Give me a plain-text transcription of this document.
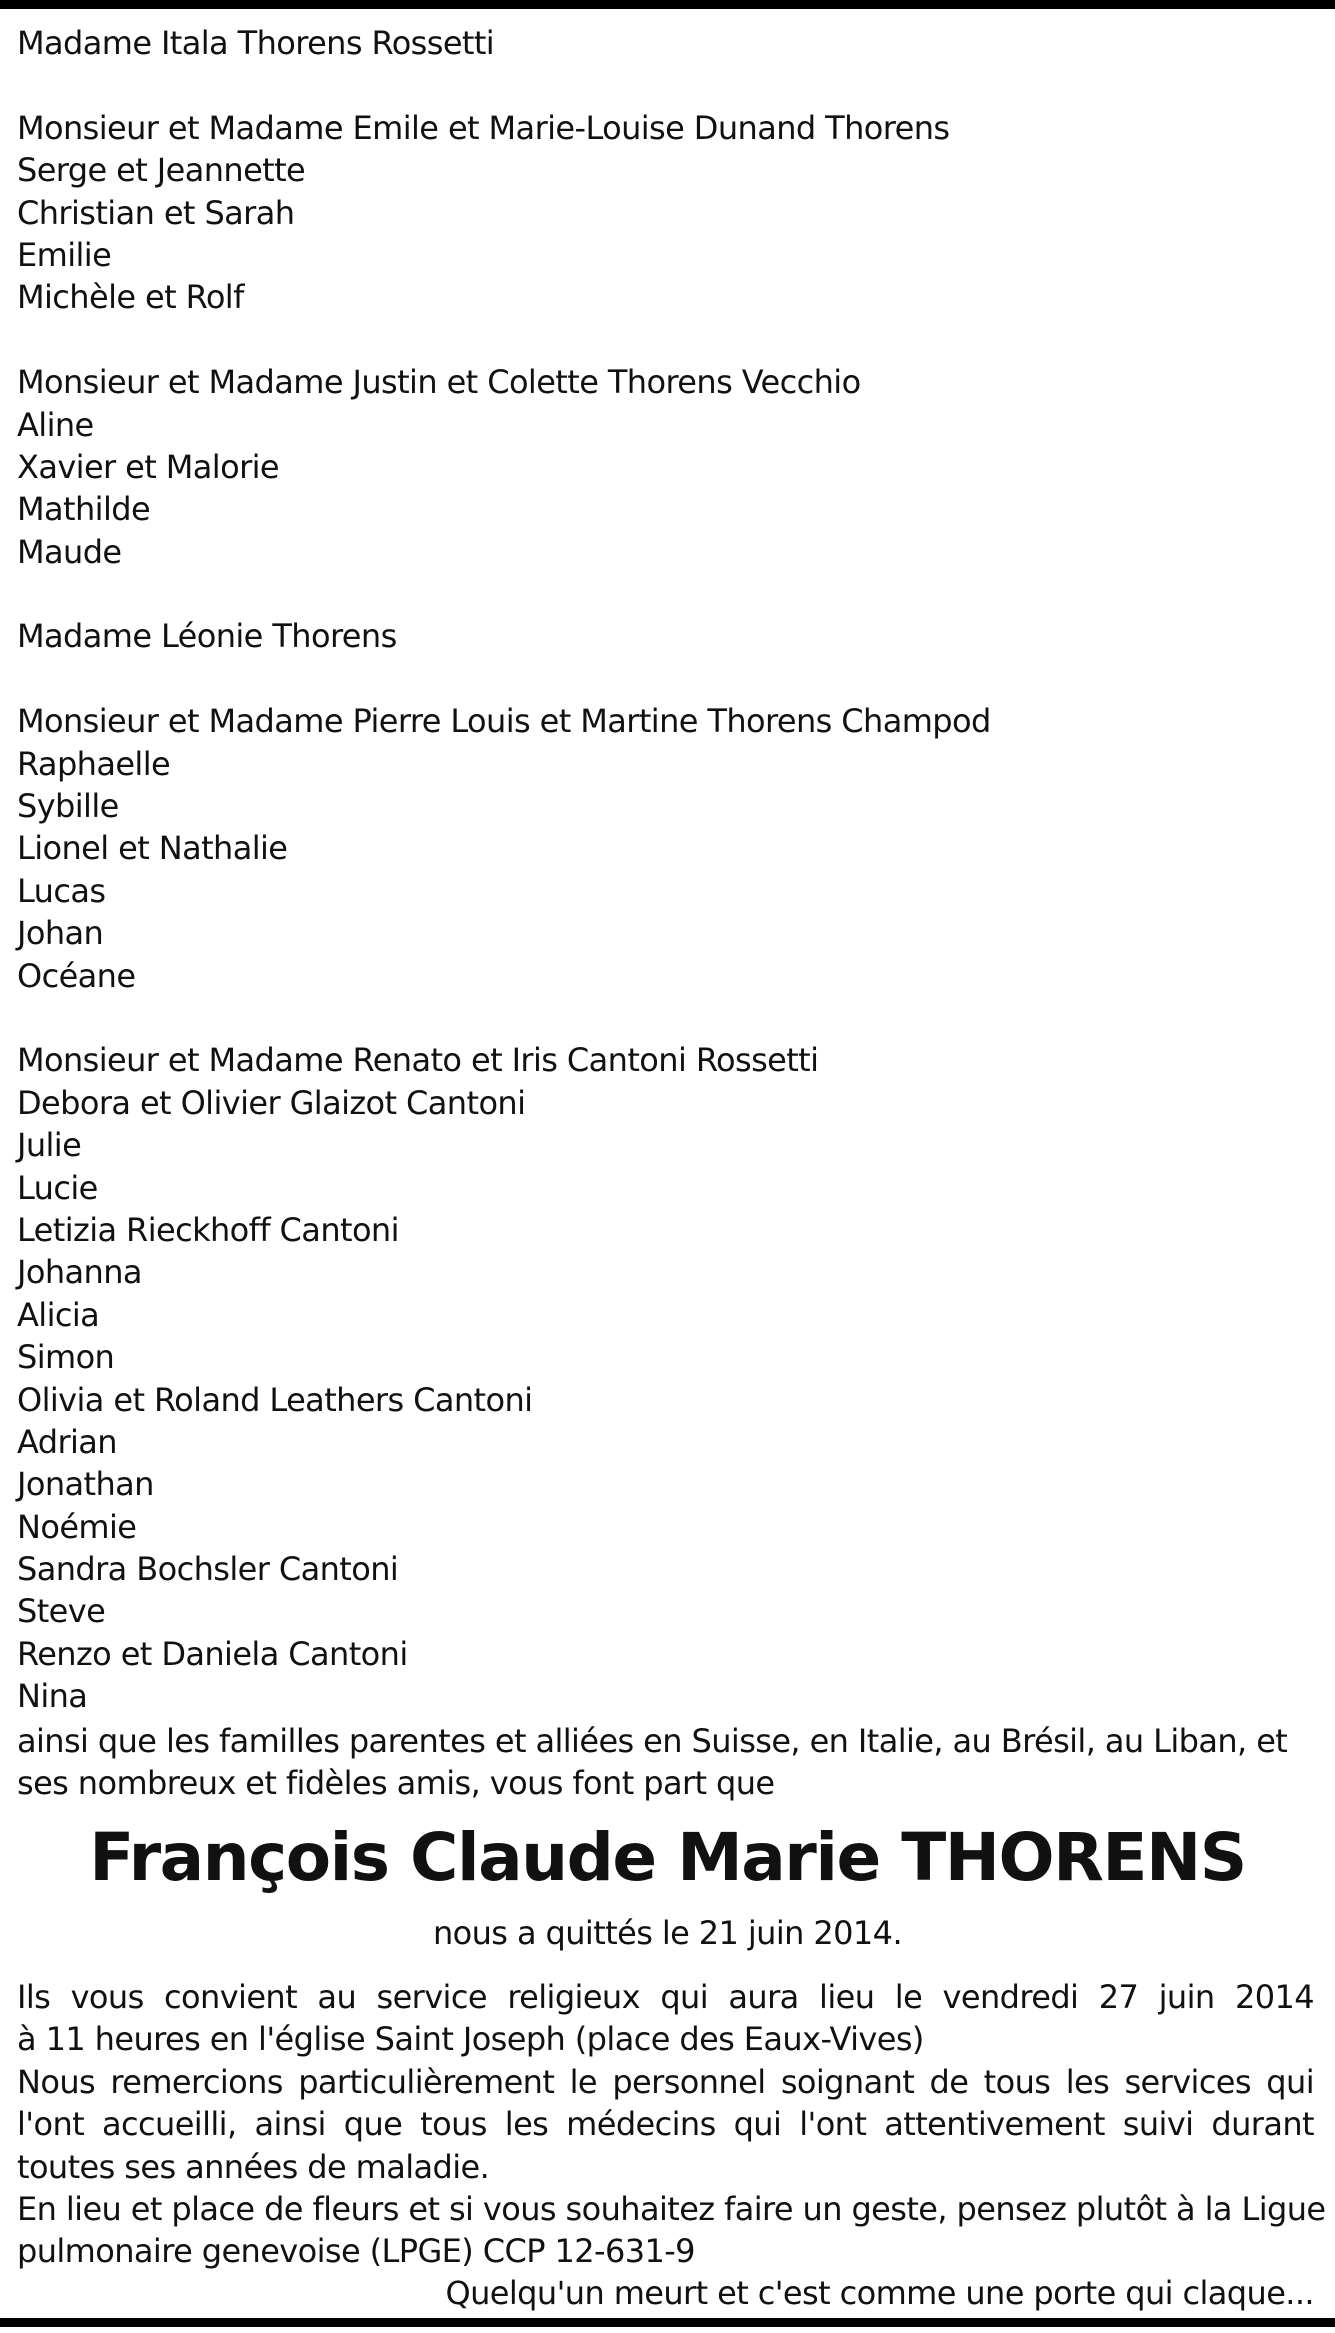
Madame Itala Thorens Rossetti
Monsieur et Madame Emile et Marie-Louise Dunand Thorens
Serge et Jeannette
Christian et Sarah
Emilie
Michèle et Rolf
Monsieur et Madame Justin et Colette Thorens Vecchio
Aline
Xavier et Malorie
Mathilde
Maude
Madame Léonie Thorens
Monsieur et Madame Pierre Louis et Martine Thorens Champod
Raphaelle
Sybille
Lionel et Nathalie
Lucas
Johan
Océane
Monsieur et Madame Renato et Iris Cantoni Rossetti
Debora et Olivier Glaizot Cantoni
Julie
Lucie
Letizia Rieckhoff Cantoni
Johanna
Alicia
Simon
Olivia et Roland Leathers Cantoni
Adrian
Jonathan
Noémie
Sandra Bochsler Cantoni
Steve
Renzo et Daniela Cantoni
Nina
ainsi que les familles parentes et alliées en Suisse, en Italie, au Brésil, au Liban, et
ses nombreux et fidèles amis, vous font part que
François Claude Marie THORENS
nous a quittés le 21 juin 2014.
Ils vous convient au service religieux qui aura lieu le vendredi 27 juin 2014
à 11 heures en l'église Saint Joseph (place des Eaux-Vives)
Nous remercions particulièrement le personnel soignant de tous les services qui
l'ont accueilli, ainsi que tous les médecins qui l'ont attentivement suivi durant
toutes ses années de maladie.
En lieu et place de fleurs et si vous souhaitez faire un geste, pensez plutôt à la Ligue
pulmonaire genevoise (LPGE) CCP 12-631-9
Quelqu'un meurt et c'est comme une porte qui claque...
